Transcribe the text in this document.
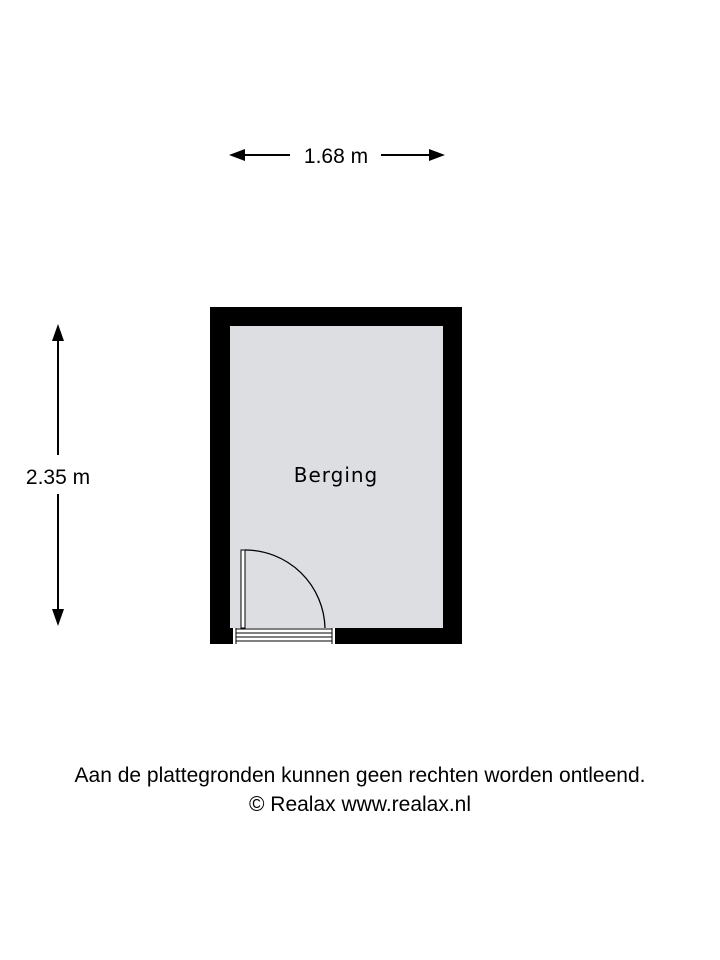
1.68 m
2.35 m	Berging
Aan de plattegronden kunnen geen rechten worden ontleend.
© Realax www.realax.nl
